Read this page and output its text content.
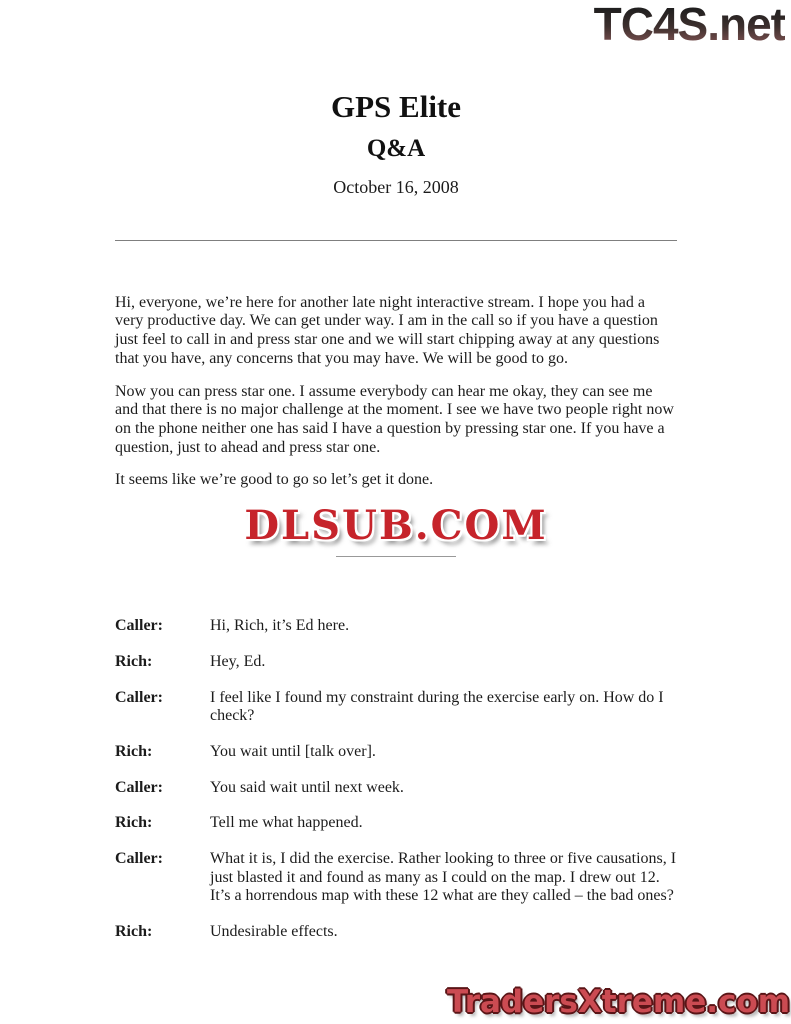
TC4S.net
GPS Elite
Q&A
October 16, 2008

Hi, everyone, we’re here for another late night interactive stream. I hope you had a very productive day. We can get under way. I am in the call so if you have a question just feel to call in and press star one and we will start chipping away at any questions that you have, any concerns that you may have. We will be good to go.

Now you can press star one. I assume everybody can hear me okay, they can see me and that there is no major challenge at the moment. I see we have two people right now on the phone neither one has said I have a question by pressing star one. If you have a question, just to ahead and press star one.

It seems like we’re good to go so let’s get it done.

DLSUB.COM
Caller:	Hi, Rich, it’s Ed here.
Rich:	Hey, Ed.
Caller:	I feel like I found my constraint during the exercise early on. How do I check?
Rich:	You wait until [talk over].
Caller:	You said wait until next week.
Rich:	Tell me what happened.
Caller:	What it is, I did the exercise. Rather looking to three or five causations, I just blasted it and found as many as I could on the map. I drew out 12. It’s a horrendous map with these 12 what are they called – the bad ones?
Rich:	Undesirable effects.
TradersXtreme.com
